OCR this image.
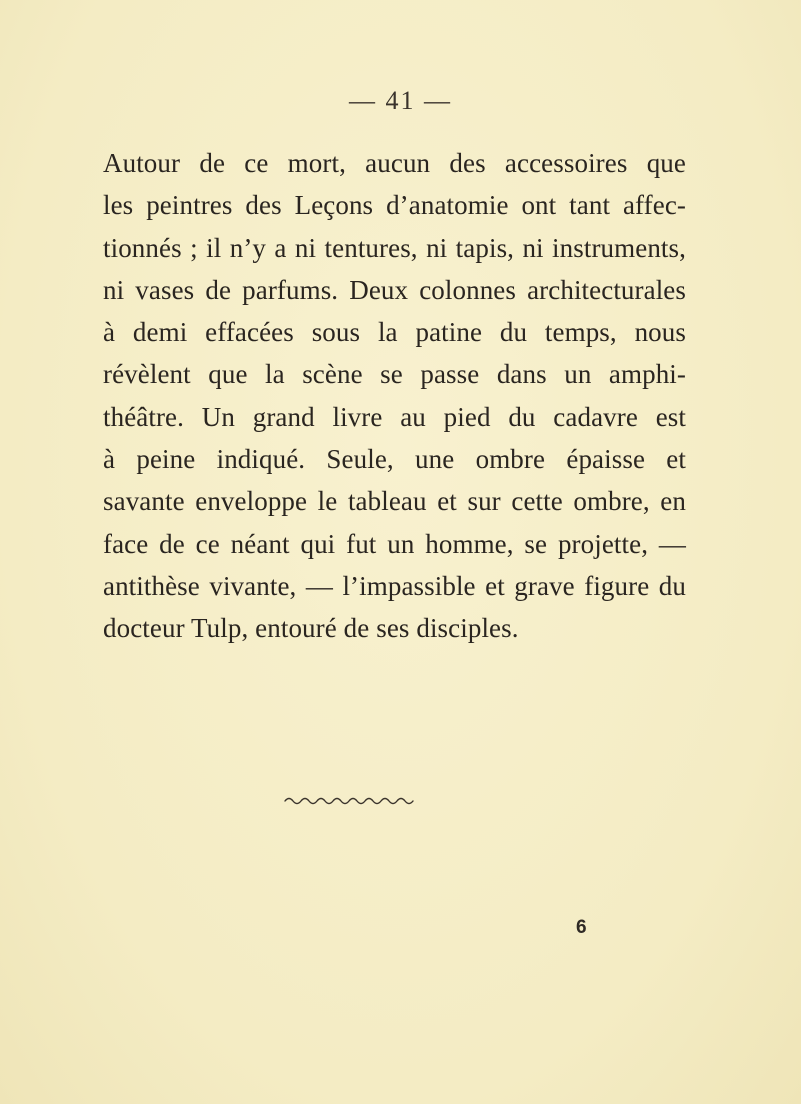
— 41 —
Autour de ce mort, aucun des accessoires que
les peintres des Leçons d’anatomie ont tant affec-
tionnés ; il n’y a ni tentures, ni tapis, ni instruments,
ni vases de parfums. Deux colonnes architecturales
à demi effacées sous la patine du temps, nous
révèlent que la scène se passe dans un amphi-
théâtre. Un grand livre au pied du cadavre est
à peine indiqué. Seule, une ombre épaisse et
savante enveloppe le tableau et sur cette ombre, en
face de ce néant qui fut un homme, se projette, —
antithèse vivante, — l’impassible et grave figure du
docteur Tulp, entouré de ses disciples.
6
